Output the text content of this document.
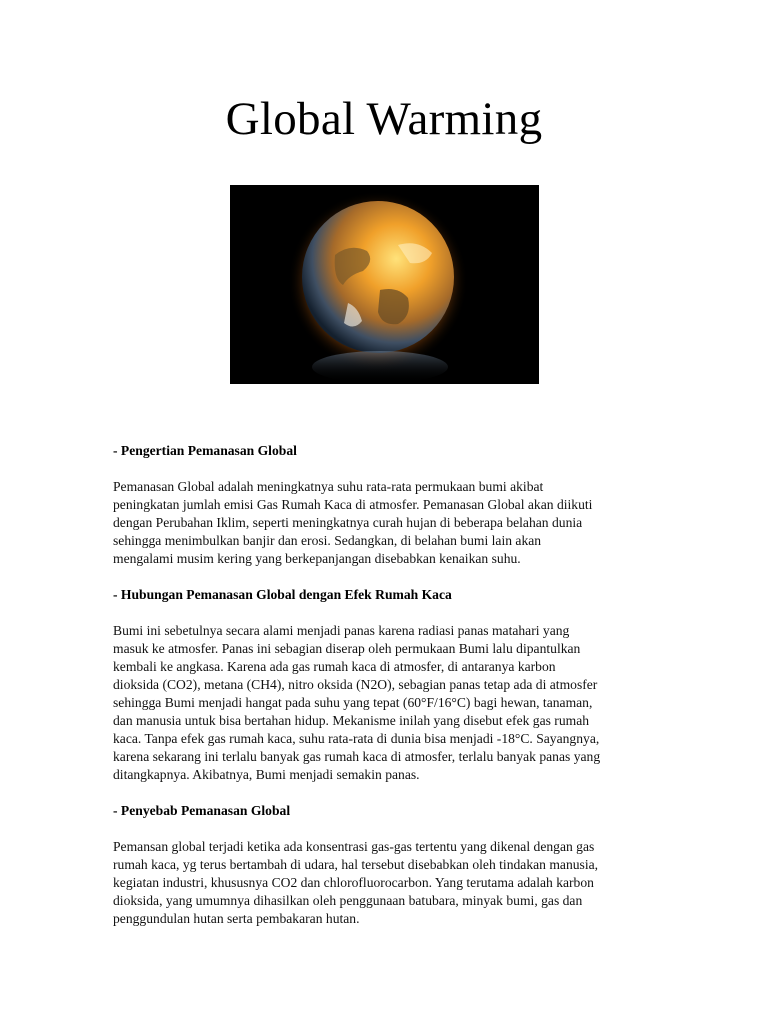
Global Warming
- Pengertian Pemanasan Global

Pemanasan Global adalah meningkatnya suhu rata-rata permukaan bumi akibat
peningkatan jumlah emisi Gas Rumah Kaca di atmosfer. Pemanasan Global akan diikuti
dengan Perubahan Iklim, seperti meningkatnya curah hujan di beberapa belahan dunia
sehingga menimbulkan banjir dan erosi. Sedangkan, di belahan bumi lain akan
mengalami musim kering yang berkepanjangan disebabkan kenaikan suhu.

- Hubungan Pemanasan Global dengan Efek Rumah Kaca

Bumi ini sebetulnya secara alami menjadi panas karena radiasi panas matahari yang
masuk ke atmosfer. Panas ini sebagian diserap oleh permukaan Bumi lalu dipantulkan
kembali ke angkasa. Karena ada gas rumah kaca di atmosfer, di antaranya karbon
dioksida (CO2), metana (CH4), nitro oksida (N2O), sebagian panas tetap ada di atmosfer
sehingga Bumi menjadi hangat pada suhu yang tepat (60°F/16°C) bagi hewan, tanaman,
dan manusia untuk bisa bertahan hidup. Mekanisme inilah yang disebut efek gas rumah
kaca. Tanpa efek gas rumah kaca, suhu rata-rata di dunia bisa menjadi -18°C. Sayangnya,
karena sekarang ini terlalu banyak gas rumah kaca di atmosfer, terlalu banyak panas yang
ditangkapnya. Akibatnya, Bumi menjadi semakin panas.

- Penyebab Pemanasan Global

Pemansan global terjadi ketika ada konsentrasi gas-gas tertentu yang dikenal dengan gas
rumah kaca, yg terus bertambah di udara, hal tersebut disebabkan oleh tindakan manusia,
kegiatan industri, khususnya CO2 dan chlorofluorocarbon. Yang terutama adalah karbon
dioksida, yang umumnya dihasilkan oleh penggunaan batubara, minyak bumi, gas dan
penggundulan hutan serta pembakaran hutan.
